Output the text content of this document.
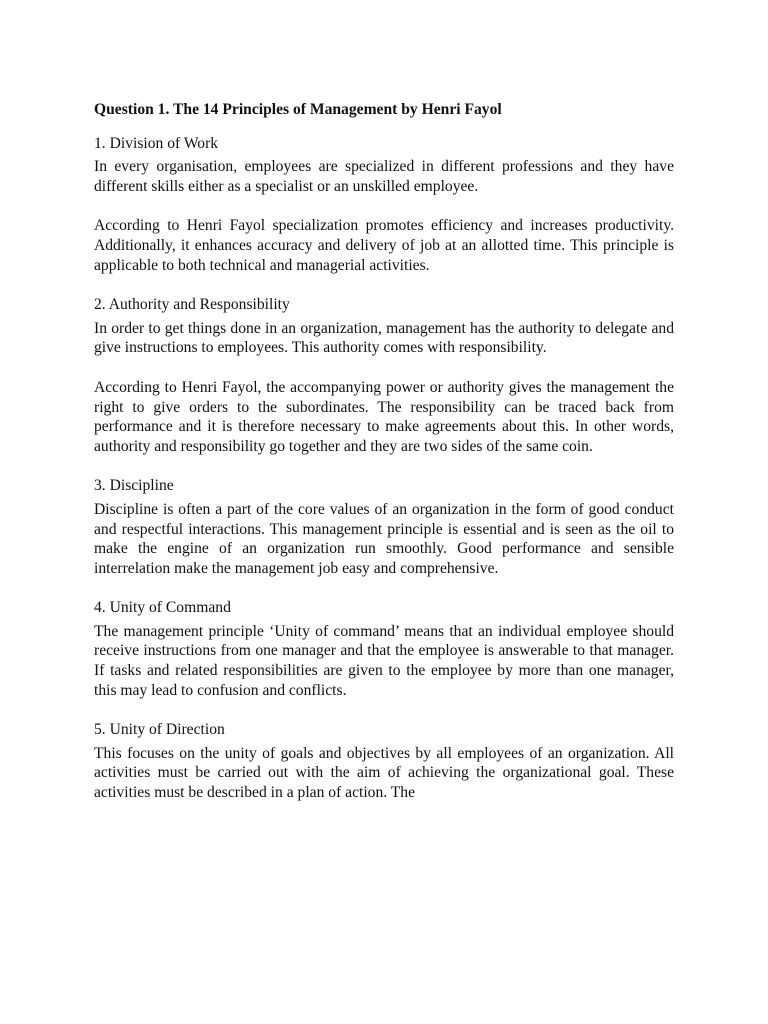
Question 1. The 14 Principles of Management by Henri Fayol
1. Division of Work
In every organisation, employees are specialized in different professions and they have different skills either as a specialist or an unskilled employee.
According to Henri Fayol specialization promotes efficiency and increases productivity. Additionally, it enhances accuracy and delivery of job at an allotted time. This principle is applicable to both technical and managerial activities.
2. Authority and Responsibility
In order to get things done in an organization, management has the authority to delegate and give instructions to employees. This authority comes with responsibility.
According to Henri Fayol, the accompanying power or authority gives the management the right to give orders to the subordinates. The responsibility can be traced back from performance and it is therefore necessary to make agreements about this. In other words, authority and responsibility go together and they are two sides of the same coin.
3. Discipline
Discipline is often a part of the core values of an organization in the form of good conduct and respectful interactions. This management principle is essential and is seen as the oil to make the engine of an organization run smoothly. Good performance and sensible interrelation make the management job easy and comprehensive.
4. Unity of Command
The management principle ‘Unity of command’ means that an individual employee should receive instructions from one manager and that the employee is answerable to that manager. If tasks and related responsibilities are given to the employee by more than one manager, this may lead to confusion and conflicts.
5. Unity of Direction
This focuses on the unity of goals and objectives by all employees of an organization. All activities must be carried out with the aim of achieving the organizational goal. These activities must be described in a plan of action. The
